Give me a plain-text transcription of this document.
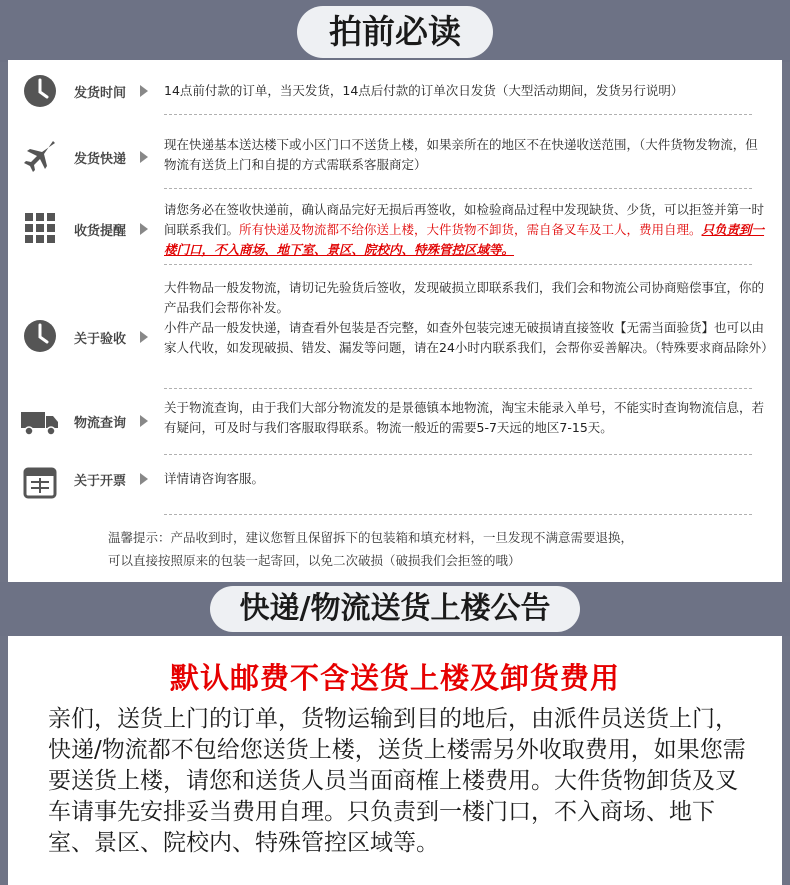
拍前必读
发货时间	14点前付款的订单，当天发货，14点后付款的订单次日发货（大型活动期间，发货另行说明）
发货快递
现在快递基本送达楼下或小区门口不送货上楼，如果亲所在的地区不在快递收送范围，（大件货物发物流，但物流有送货上门和自提的方式需联系客服商定）
收货提醒
请您务必在签收快递前，确认商品完好无损后再签收，如检验商品过程中发现缺货、少货，可以拒签并第一时间联系我们。所有快递及物流都不给你送上楼，大件货物不卸货，需自备叉车及工人，费用自理。只负责到一楼门口，不入商场、地下室、景区、院校内、特殊管控区域等。
关于验收
大件物品一般发物流，请切记先验货后签收，发现破损立即联系我们，我们会和物流公司协商赔偿事宜，你的产品我们会帮你补发。
小件产品一般发快递，请查看外包装是否完整，如查外包装完速无破损请直接签收【无需当面验货】也可以由家人代收，如发现破损、错发、漏发等问题，请在24小时内联系我们，会帮你妥善解决。（特殊要求商品除外）
物流查询
关于物流查询，由于我们大部分物流发的是景德镇本地物流，淘宝未能录入单号，不能实时查询物流信息，若有疑问，可及时与我们客服取得联系。物流一般近的需要5-7天远的地区7-15天。
关于开票	详情请咨询客服。
温馨提示：产品收到时，建议您暂且保留拆下的包装箱和填充材料，一旦发现不满意需要退换，
可以直接按照原来的包装一起寄回，以免二次破损（破损我们会拒签的哦）
快递/物流送货上楼公告
默认邮费不含送货上楼及卸货费用
亲们，送货上门的订单，货物运输到目的地后，由派件员送货上门，快递/物流都不包给您送货上楼，送货上楼需另外收取费用，如果您需要送货上楼，请您和送货人员当面商榷上楼费用。大件货物卸货及叉车请事先安排妥当费用自理。只负责到一楼门口，不入商场、地下室、景区、院校内、特殊管控区域等。
